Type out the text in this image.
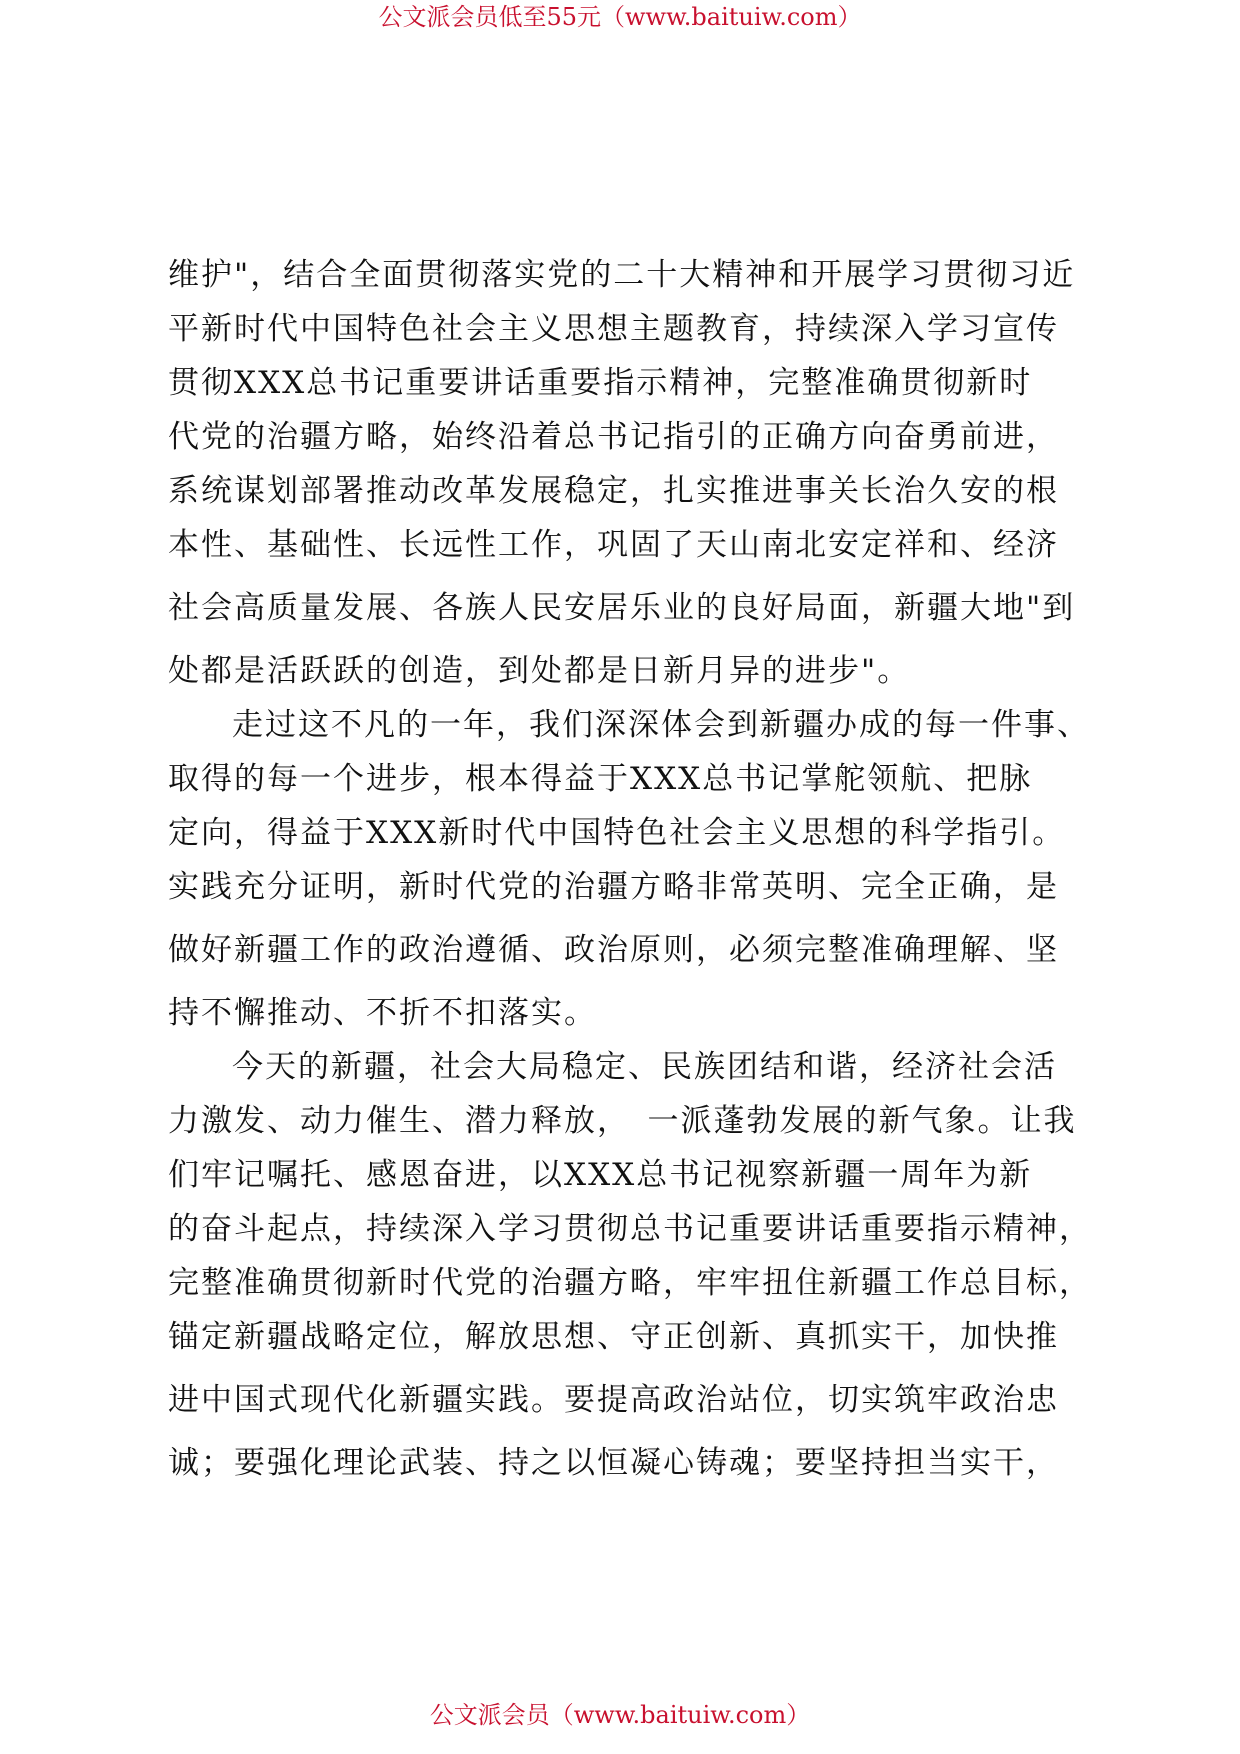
公文派会员低至55元（www.baituiw.com）
维护"，结合全面贯彻落实党的二十大精神和开展学习贯彻习近
平新时代中国特色社会主义思想主题教育，持续深入学习宣传
贯彻XXX总书记重要讲话重要指示精神，完整准确贯彻新时
代党的治疆方略，始终沿着总书记指引的正确方向奋勇前进，
系统谋划部署推动改革发展稳定，扎实推进事关长治久安的根
本性、基础性、长远性工作，巩固了天山南北安定祥和、经济
社会高质量发展、各族人民安居乐业的良好局面，新疆大地"到
处都是活跃跃的创造，到处都是日新月异的进步"。
走过这不凡的一年，我们深深体会到新疆办成的每一件事、
取得的每一个进步，根本得益于XXX总书记掌舵领航、把脉
定向，得益于XXX新时代中国特色社会主义思想的科学指引。
实践充分证明，新时代党的治疆方略非常英明、完全正确，是
做好新疆工作的政治遵循、政治原则，必须完整准确理解、坚
持不懈推动、不折不扣落实。
今天的新疆，社会大局稳定、民族团结和谐，经济社会活
力激发、动力催生、潜力释放，　一派蓬勃发展的新气象。让我
们牢记嘱托、感恩奋进，以XXX总书记视察新疆一周年为新
的奋斗起点，持续深入学习贯彻总书记重要讲话重要指示精神，
完整准确贯彻新时代党的治疆方略，牢牢扭住新疆工作总目标，
锚定新疆战略定位，解放思想、守正创新、真抓实干，加快推
进中国式现代化新疆实践。要提高政治站位，切实筑牢政治忠
诚；要强化理论武装、持之以恒凝心铸魂；要坚持担当实干，
公文派会员（www.baituiw.com）
